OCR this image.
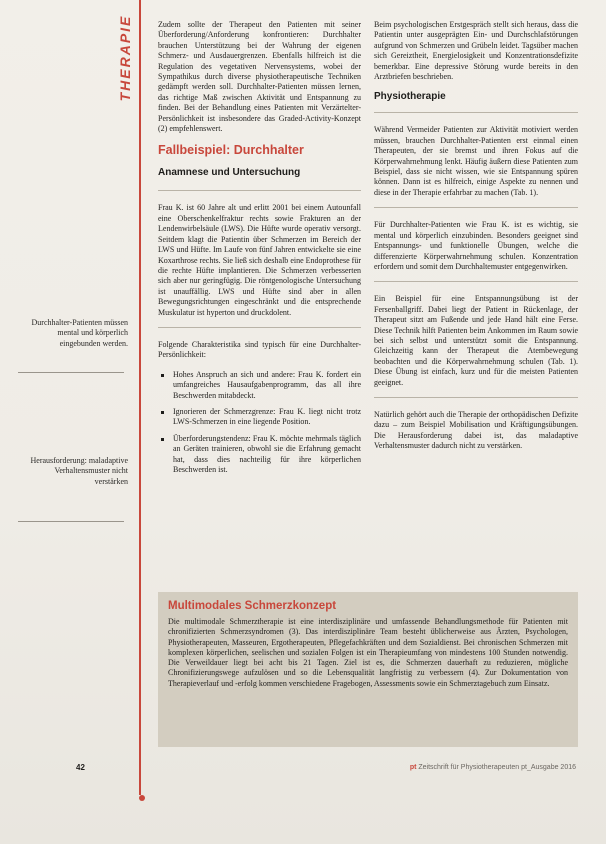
THERAPIE
Durchhalter-Patienten müssen mental und körperlich eingebunden werden.
Herausforderung: maladaptive Verhaltensmuster nicht verstärken

Zudem sollte der Therapeut den Patienten mit seiner Überforderung/Anforderung konfrontieren: Durchhalter brauchen Unterstützung bei der Wahrung der eigenen Schmerz- und Ausdauergrenzen. Ebenfalls hilfreich ist die Regulation des vegetativen Nervensystems, wobei der Sympathikus durch diverse physiotherapeutische Techniken gedämpft werden soll. Durchhalter-Patienten müssen lernen, das richtige Maß zwischen Aktivität und Entspannung zu finden. Bei der Behandlung eines Patienten mit Verzärtelter-Persönlichkeit ist insbesondere das Graded-Activity-Konzept (2) empfehlenswert.

Fallbeispiel: Durchhalter
Anamnese und Untersuchung

Frau K. ist 60 Jahre alt und erlitt 2001 bei einem Autounfall eine Oberschenkelfraktur rechts sowie Frakturen an der Lendenwirbelsäule (LWS). Die Hüfte wurde operativ versorgt. Seitdem klagt die Patientin über Schmerzen im Bereich der LWS und Hüfte. Im Laufe von fünf Jahren entwickelte sie eine Koxarthrose rechts. Sie ließ sich deshalb eine Endoprothese für die rechte Hüfte implantieren. Die Schmerzen verbesserten sich aber nur geringfügig. Die röntgenologische Untersuchung ist unauffällig. LWS und Hüfte sind aber in allen Bewegungsrichtungen eingeschränkt und die entsprechende Muskulatur ist hyperton und druckdolent.

Folgende Charakteristika sind typisch für eine Durchhalter-Persönlichkeit:

Hohes Anspruch an sich und andere: Frau K. fordert ein umfangreiches Hausaufgabenprogramm, das all ihre Beschwerden mitabdeckt.
Ignorieren der Schmerzgrenze: Frau K. liegt nicht trotz LWS-Schmerzen in eine liegende Position.
Überforderungstendenz: Frau K. möchte mehrmals täglich an Geräten trainieren, obwohl sie die Erfahrung gemacht hat, dass dies nachteilig für ihre körperlichen Beschwerden ist.

Beim psychologischen Erstgespräch stellt sich heraus, dass die Patientin unter ausgeprägten Ein- und Durchschlafstörungen aufgrund von Schmerzen und Grübeln leidet. Tagsüber machen sich Gereiztheit, Energielosigkeit und Konzentrationsdefizite bemerkbar. Eine depressive Störung wurde bereits in den Arztbriefen beschrieben.

Physiotherapie

Während Vermeider Patienten zur Aktivität motiviert werden müssen, brauchen Durchhalter-Patienten erst einmal einen Therapeuten, der sie bremst und ihren Fokus auf die Körperwahrnehmung lenkt. Häufig äußern diese Patienten zum Beispiel, dass sie nicht wissen, wie sie Entspannung spüren können. Dann ist es hilfreich, einige Aspekte zu nennen und diese in der Therapie erfahrbar zu machen (Tab. 1).

Für Durchhalter-Patienten wie Frau K. ist es wichtig, sie mental und körperlich einzubinden. Besonders geeignet sind Entspannungs- und funktionelle Übungen, welche die differenzierte Körperwahrnehmung schulen. Konzentration erfordern und somit dem Durchhaltemuster entgegenwirken.

Ein Beispiel für eine Entspannungsübung ist der Fersenballgriff. Dabei liegt der Patient in Rückenlage, der Therapeut sitzt am Fußende und jede Hand hält eine Ferse. Diese Technik hilft Patienten beim Ankommen im Raum sowie bei sich selbst und unterstützt somit die Entspannung. Gleichzeitig kann der Therapeut die Atembewegung beobachten und die Körperwahrnehmung schulen (Tab. 1). Diese Übung ist einfach, kurz und für die meisten Patienten geeignet.

Natürlich gehört auch die Therapie der orthopädischen Defizite dazu – zum Beispiel Mobilisation und Kräftigungsübungen. Die Herausforderung dabei ist, das maladaptive Verhaltensmuster dadurch nicht zu verstärken.

Multimodales Schmerzkonzept
Die multimodale Schmerztherapie ist eine interdisziplinäre und umfassende Behandlungsmethode für Patienten mit chronifizierten Schmerzsyndromen (3). Das interdisziplinäre Team besteht üblicherweise aus Ärzten, Psychologen, Physiotherapeuten, Masseuren, Ergotherapeuten, Pflegefachkräften und dem Sozialdienst. Bei chronischen Schmerzen mit komplexen körperlichen, seelischen und sozialen Folgen ist ein Therapieumfang von mindestens 100 Stunden notwendig. Die Verweildauer liegt bei acht bis 21 Tagen. Ziel ist es, die Schmerzen dauerhaft zu reduzieren, mögliche Chronifizierungswege aufzulösen und so die Lebensqualität langfristig zu verbessern (4). Zur Dokumentation von Therapieverlauf und -erfolg kommen verschiedene Fragebogen, Assessments sowie ein Schmerztagebuch zum Einsatz.
42	pt Zeitschrift für Physiotherapeuten pt_Ausgabe 2016
